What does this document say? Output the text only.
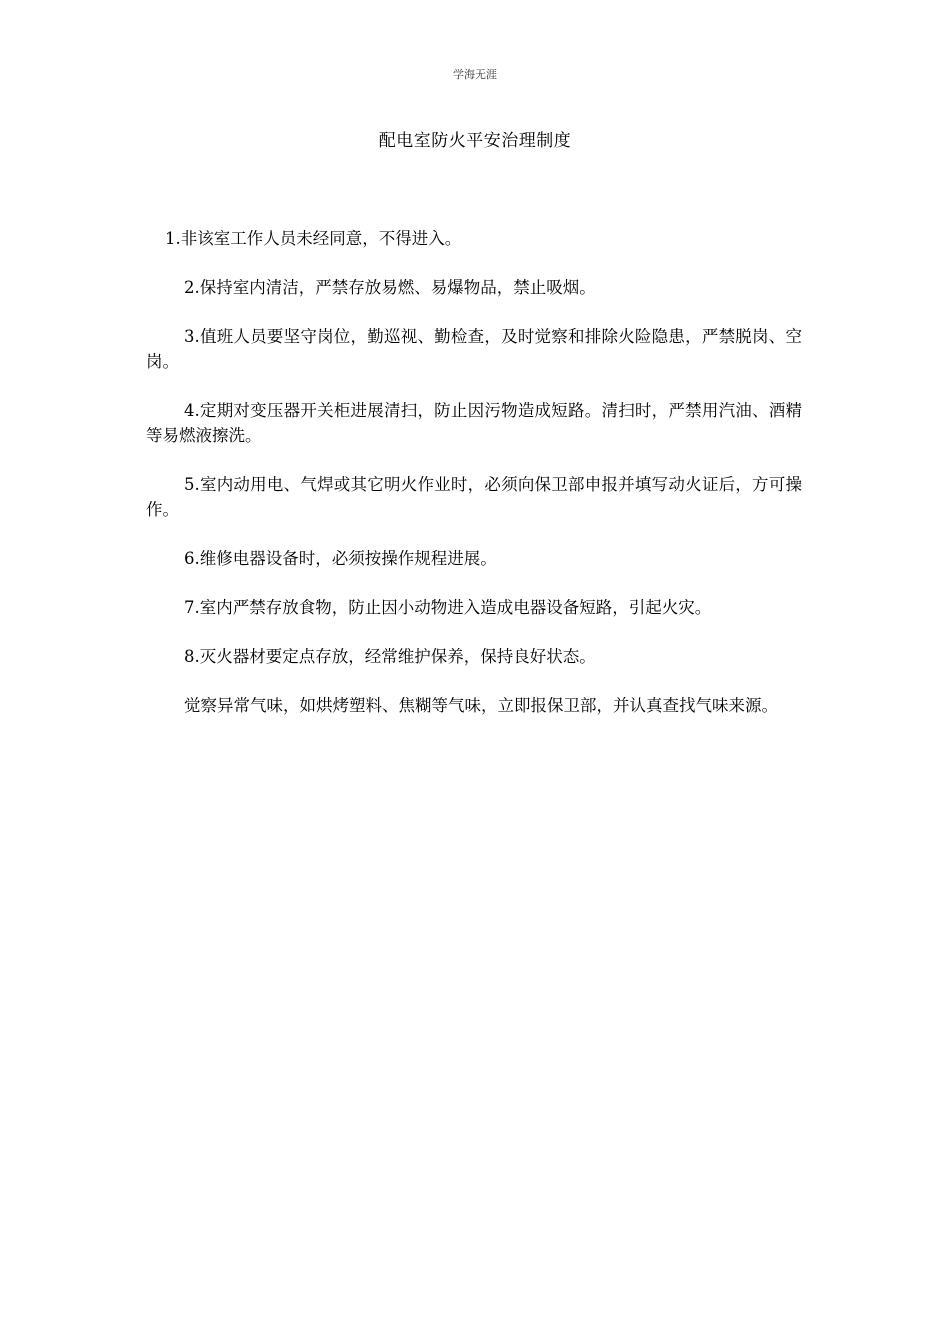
学海无涯
配电室防火平安治理制度

1.非该室工作人员未经同意，不得进入。

2.保持室内清洁，严禁存放易燃、易爆物品，禁止吸烟。

3.值班人员要坚守岗位，勤巡视、勤检查，及时觉察和排除火险隐患，严禁脱岗、空岗。

4.定期对变压器开关柜进展清扫，防止因污物造成短路。清扫时，严禁用汽油、酒精等易燃液擦洗。

5.室内动用电、气焊或其它明火作业时，必须向保卫部申报并填写动火证后，方可操作。

6.维修电器设备时，必须按操作规程进展。

7.室内严禁存放食物，防止因小动物进入造成电器设备短路，引起火灾。

8.灭火器材要定点存放，经常维护保养，保持良好状态。

觉察异常气味，如烘烤塑料、焦糊等气味，立即报保卫部，并认真查找气味来源。
